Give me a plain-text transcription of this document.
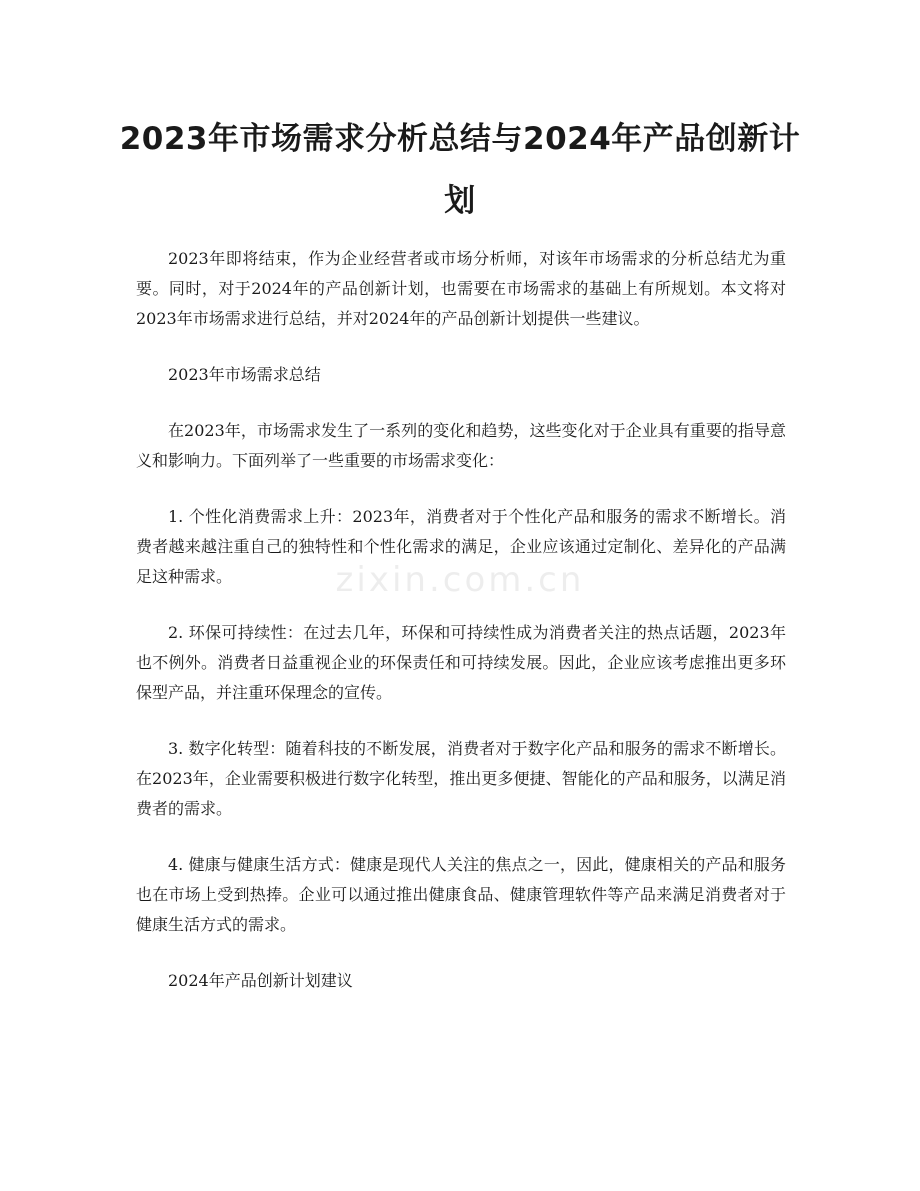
2023年市场需求分析总结与2024年产品创新计划
zixin.com.cn

2023年即将结束，作为企业经营者或市场分析师，对该年市场需求的分析总结尤为重要。同时，对于2024年的产品创新计划，也需要在市场需求的基础上有所规划。本文将对2023年市场需求进行总结，并对2024年的产品创新计划提供一些建议。

2023年市场需求总结

在2023年，市场需求发生了一系列的变化和趋势，这些变化对于企业具有重要的指导意义和影响力。下面列举了一些重要的市场需求变化：

1. 个性化消费需求上升：2023年，消费者对于个性化产品和服务的需求不断增长。消费者越来越注重自己的独特性和个性化需求的满足，企业应该通过定制化、差异化的产品满足这种需求。

2. 环保可持续性：在过去几年，环保和可持续性成为消费者关注的热点话题，2023年也不例外。消费者日益重视企业的环保责任和可持续发展。因此，企业应该考虑推出更多环保型产品，并注重环保理念的宣传。

3. 数字化转型：随着科技的不断发展，消费者对于数字化产品和服务的需求不断增长。在2023年，企业需要积极进行数字化转型，推出更多便捷、智能化的产品和服务，以满足消费者的需求。

4. 健康与健康生活方式：健康是现代人关注的焦点之一，因此，健康相关的产品和服务也在市场上受到热捧。企业可以通过推出健康食品、健康管理软件等产品来满足消费者对于健康生活方式的需求。

2024年产品创新计划建议
